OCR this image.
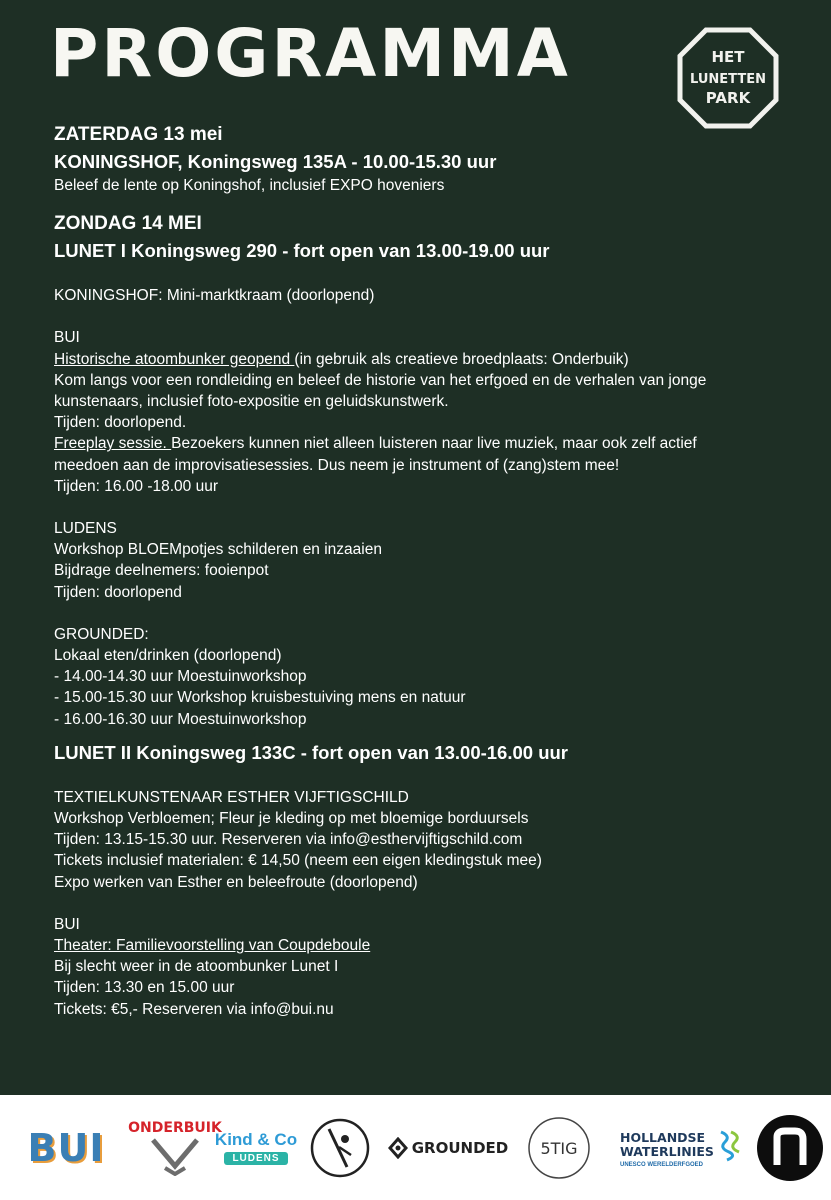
PROGRAMMA	HET
LUNETTEN
PARK
ZATERDAG 13 mei
KONINGSHOF, Koningsweg 135A - 10.00-15.30 uur
Beleef de lente op Koningshof, inclusief EXPO hoveniers
ZONDAG 14 MEI
LUNET I Koningsweg 290 - fort open van 13.00-19.00 uur
KONINGSHOF: Mini-marktkraam (doorlopend)
BUI
Historische atoombunker geopend (in gebruik als creatieve broedplaats: Onderbuik)
Kom langs voor een rondleiding en beleef de historie van het erfgoed en de verhalen van jonge
kunstenaars, inclusief foto-expositie en geluidskunstwerk.
Tijden: doorlopend.
Freeplay sessie. Bezoekers kunnen niet alleen luisteren naar live muziek, maar ook zelf actief
meedoen aan de improvisatiesessies. Dus neem je instrument of (zang)stem mee!
Tijden: 16.00 -18.00 uur
LUDENS
Workshop BLOEMpotjes schilderen en inzaaien
Bijdrage deelnemers: fooienpot
Tijden: doorlopend
GROUNDED:
Lokaal eten/drinken (doorlopend)
- 14.00-14.30 uur Moestuinworkshop
- 15.00-15.30 uur Workshop kruisbestuiving mens en natuur
- 16.00-16.30 uur Moestuinworkshop
LUNET II Koningsweg 133C - fort open van 13.00-16.00 uur
TEXTIELKUNSTENAAR ESTHER VIJFTIGSCHILD
Workshop Verbloemen; Fleur je kleding op met bloemige borduursels
Tijden: 13.15-15.30 uur. Reserveren via info@esthervijftigschild.com
Tickets inclusief materialen: € 14,50 (neem een eigen kledingstuk mee)
Expo werken van Esther en beleefroute (doorlopend)
BUI
Theater: Familievoorstelling van Coupdeboule
Bij slecht weer in de atoombunker Lunet I
Tijden: 13.30 en 15.00 uur
Tickets: €5,- Reserveren via info@bui.nu
BUI ONDERBUIK
Kind & Co
LUDENS
GROUNDED 5TIG
HOLLANDSE
WATERLINIES
UNESCO WERELDERFGOED
